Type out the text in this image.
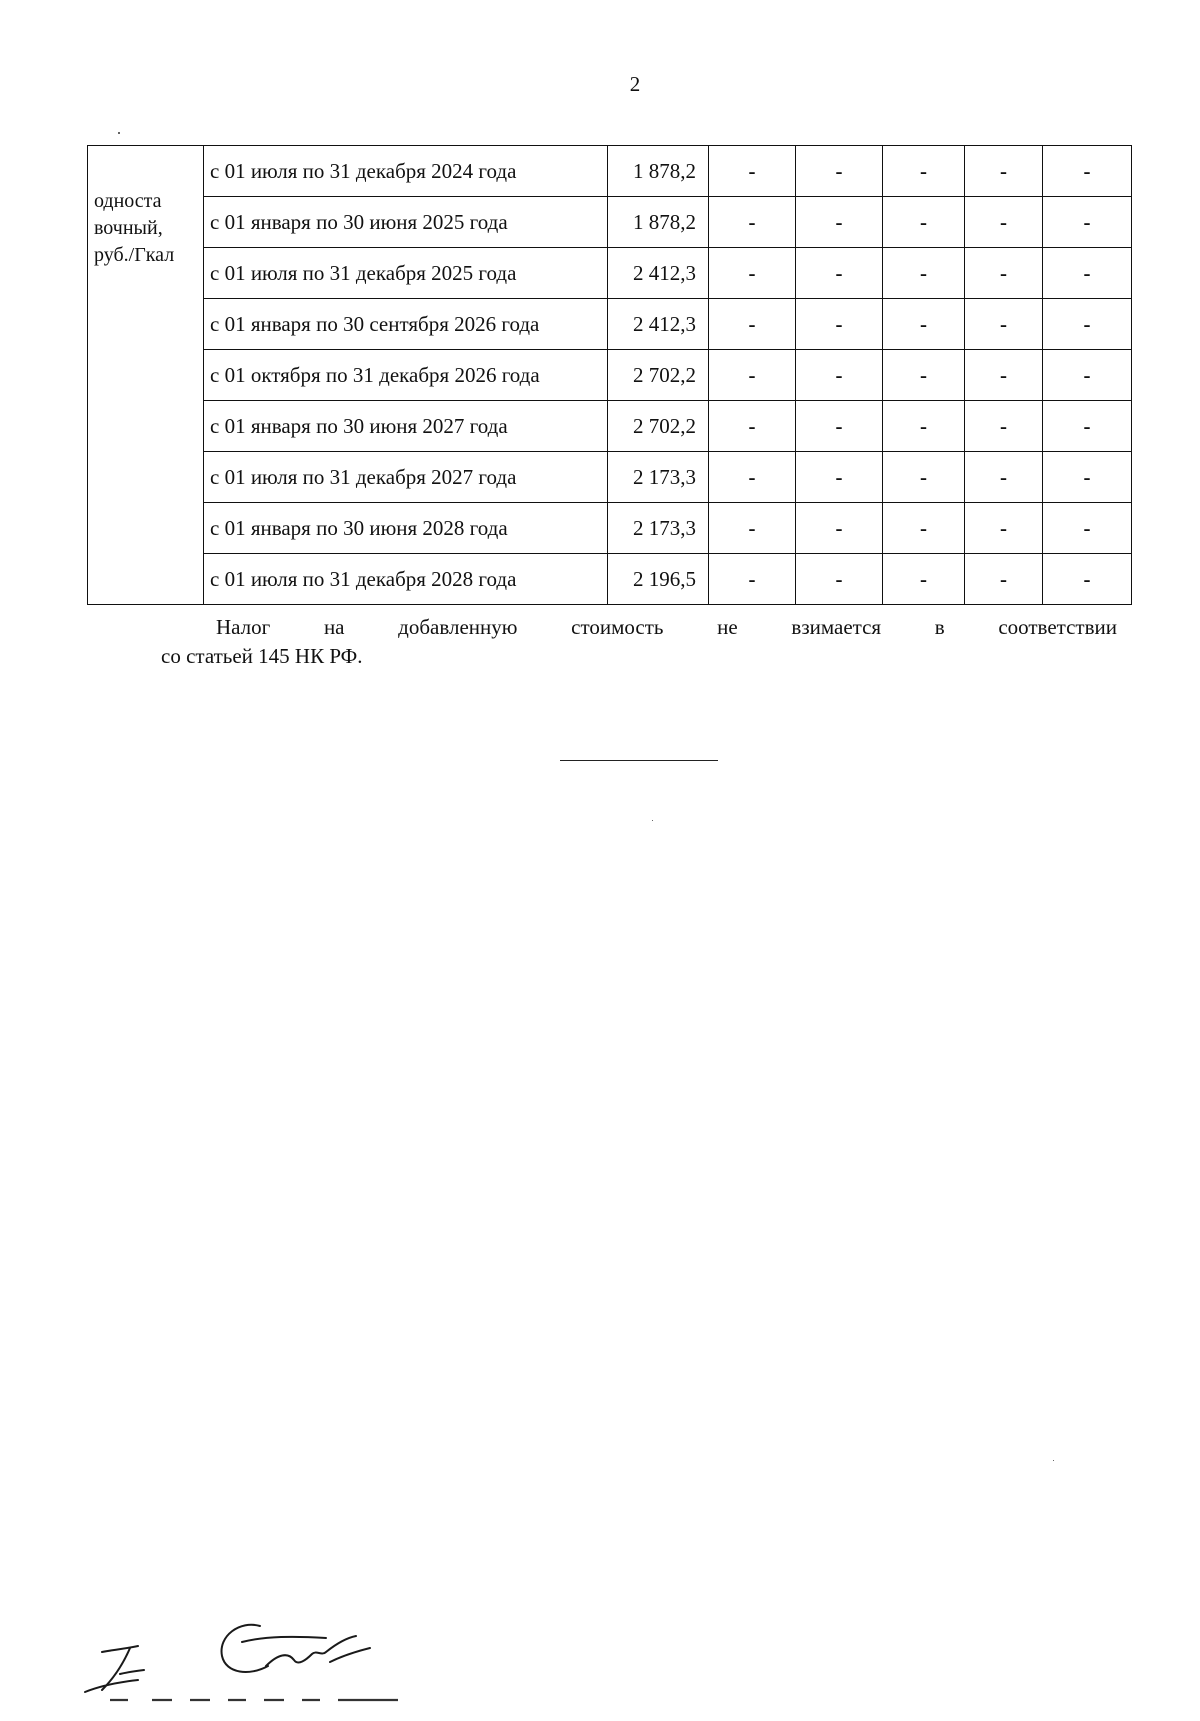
2
односта
вочный,
руб./Гкал	с 01 июля по 31 декабря 2024 года	1 878,2	-	-	-	-	-
	с 01 января по 30 июня 2025 года	1 878,2	-	-	-	-	-
	с 01 июля по 31 декабря 2025 года	2 412,3	-	-	-	-	-
	с 01 января по 30 сентября 2026 года	2 412,3	-	-	-	-	-
	с 01 октября по 31 декабря 2026 года	2 702,2	-	-	-	-	-
	с 01 января по 30 июня 2027 года	2 702,2	-	-	-	-	-
	с 01 июля по 31 декабря 2027 года	2 173,3	-	-	-	-	-
	с 01 января по 30 июня 2028 года	2 173,3	-	-	-	-	-
	с 01 июля по 31 декабря 2028 года	2 196,5	-	-	-	-	-
Налог на добавленную стоимость не взимается в соответствии
со статьей 145 НК РФ.
